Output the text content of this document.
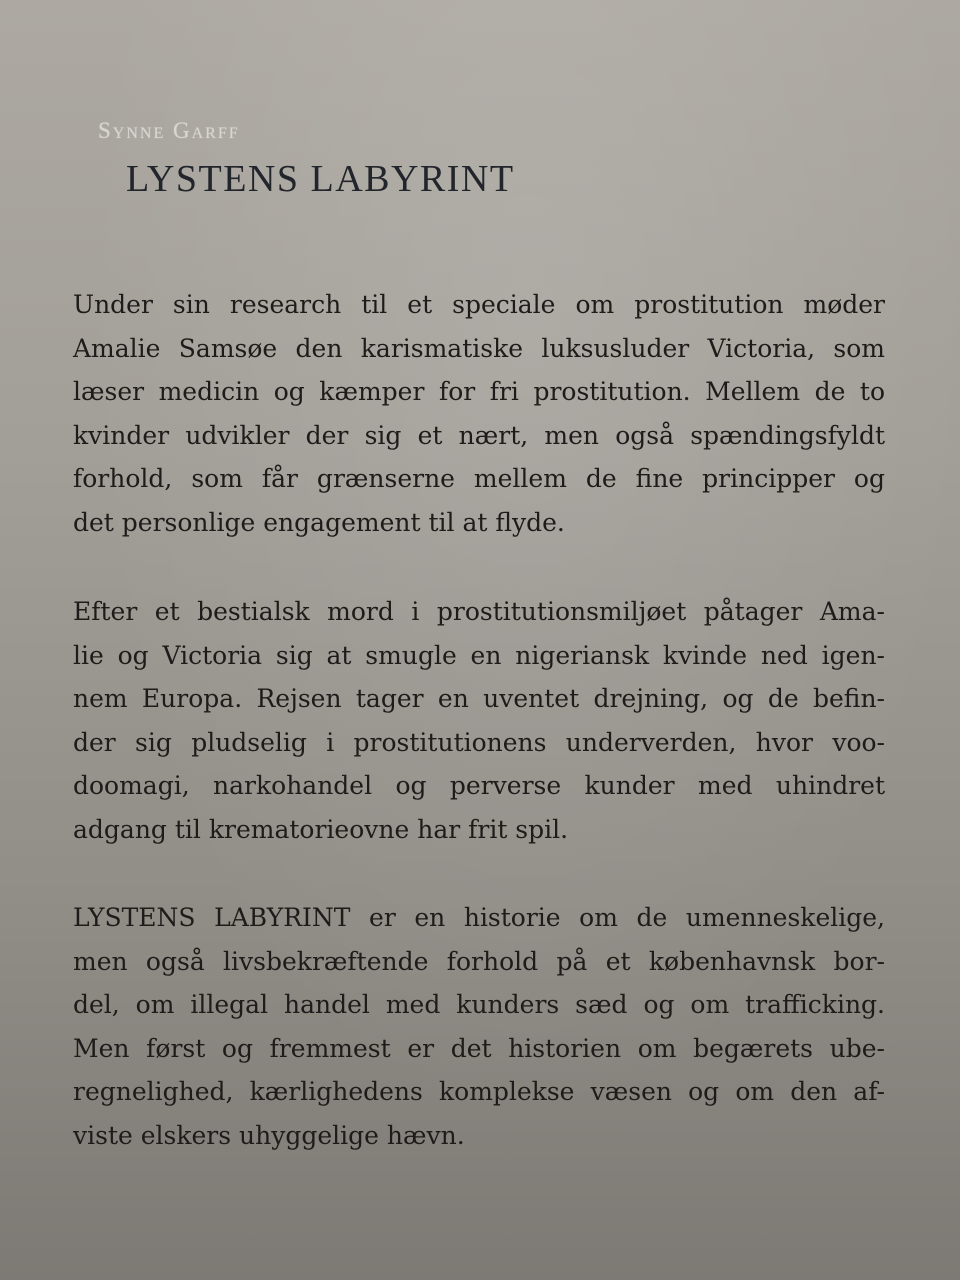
Synne Garff
LYSTENS LABYRINT
Under sin research til et speciale om prostitution møder
Amalie Samsøe den karismatiske luksusluder Victoria, som
læser medicin og kæmper for fri prostitution. Mellem de to
kvinder udvikler der sig et nært, men også spændingsfyldt
forhold, som får grænserne mellem de fine principper og
det personlige engagement til at flyde.
Efter et bestialsk mord i prostitutionsmiljøet påtager Ama-
lie og Victoria sig at smugle en nigeriansk kvinde ned igen-
nem Europa. Rejsen tager en uventet drejning, og de befin-
der sig pludselig i prostitutionens underverden, hvor voo-
doomagi, narkohandel og perverse kunder med uhindret
adgang til krematorieovne har frit spil.
LYSTENS LABYRINT er en historie om de umenneskelige,
men også livsbekræftende forhold på et københavnsk bor-
del, om illegal handel med kunders sæd og om trafficking.
Men først og fremmest er det historien om begærets ube-
regnelighed, kærlighedens komplekse væsen og om den af-
viste elskers uhyggelige hævn.
